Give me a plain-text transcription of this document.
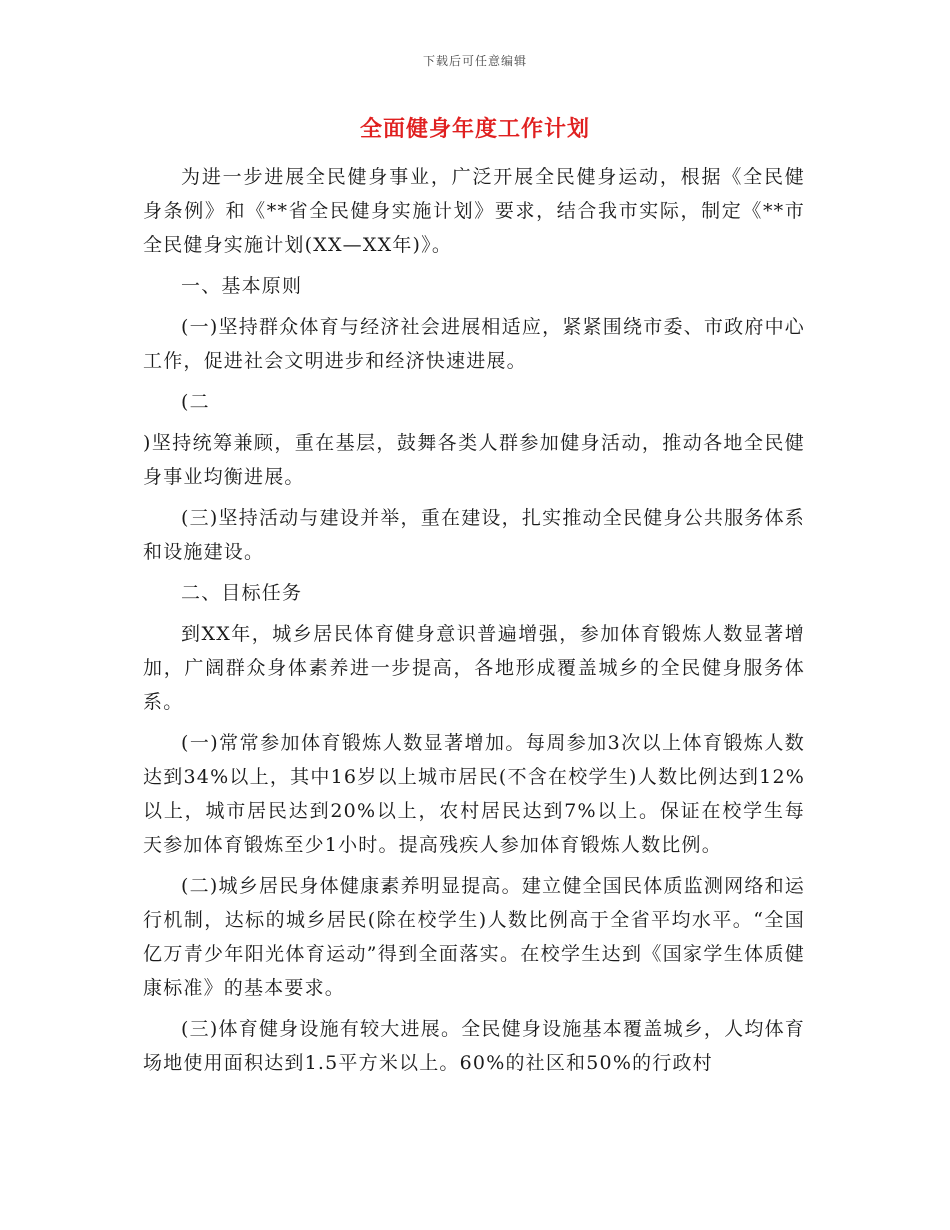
下载后可任意编辑
全面健身年度工作计划

为进一步进展全民健身事业，广泛开展全民健身运动，根据《全民健身条例》和《**省全民健身实施计划》要求，结合我市实际，制定《**市全民健身实施计划(XX—XX年)》。

一、基本原则

(一)坚持群众体育与经济社会进展相适应，紧紧围绕市委、市政府中心工作，促进社会文明进步和经济快速进展。

(二

)坚持统筹兼顾，重在基层，鼓舞各类人群参加健身活动，推动各地全民健身事业均衡进展。

(三)坚持活动与建设并举，重在建设，扎实推动全民健身公共服务体系和设施建设。

二、目标任务

到XX年，城乡居民体育健身意识普遍增强，参加体育锻炼人数显著增加，广阔群众身体素养进一步提高，各地形成覆盖城乡的全民健身服务体系。

(一)常常参加体育锻炼人数显著增加。每周参加3次以上体育锻炼人数达到34%以上，其中16岁以上城市居民(不含在校学生)人数比例达到12%以上，城市居民达到20%以上，农村居民达到7%以上。保证在校学生每天参加体育锻炼至少1小时。提高残疾人参加体育锻炼人数比例。

(二)城乡居民身体健康素养明显提高。建立健全国民体质监测网络和运行机制，达标的城乡居民(除在校学生)人数比例高于全省平均水平。“全国亿万青少年阳光体育运动”得到全面落实。在校学生达到《国家学生体质健康标准》的基本要求。

(三)体育健身设施有较大进展。全民健身设施基本覆盖城乡，人均体育场地使用面积达到1.5平方米以上。60%的社区和50%的行政村
